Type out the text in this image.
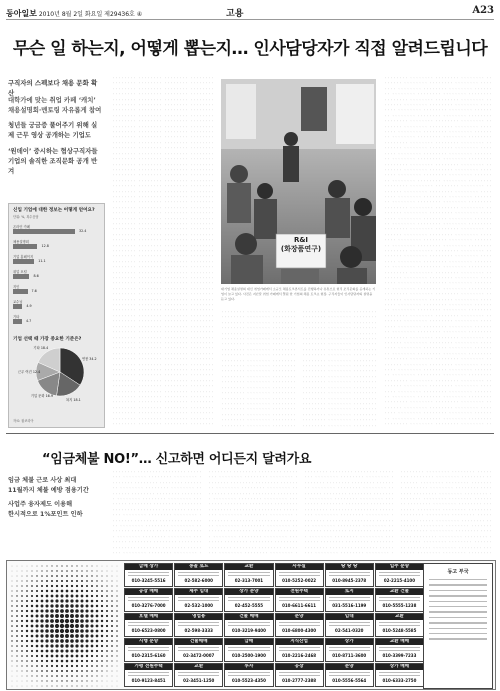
동아일보 2010년 8월 2일 화요일 제29436호 ④	고용	A23
무슨 일 하는지, 어떻게 뽑는지… 인사담당자가 직접 알려드립니다
구직자의 스펙보다 채용 문화 확산
대학가에 맞는 취업 카페 ‘캐치’ 채용설명회·멘토링 자유롭게 참여
청년들 궁금증 풀어주기 위해 실제 근무 영상 공개하는 기업도
‘원데이’ 중시하는 협상구직자들 기업의 솔직한 조직문화 공개 반겨
ㆍㆍㆍㆍㆍㆍㆍㆍ ㆍㆍㆍㆍㆍㆍㆍㆍ ㆍㆍㆍㆍㆍㆍㆍㆍ ㆍㆍㆍㆍㆍㆍㆍㆍ ㆍㆍㆍㆍㆍㆍㆍㆍ ㆍㆍㆍㆍㆍㆍㆍㆍ ㆍㆍㆍㆍㆍㆍㆍㆍ ㆍㆍㆍㆍㆍㆍㆍㆍ ㆍㆍㆍㆍㆍㆍㆍㆍ ㆍㆍㆍㆍㆍㆍㆍㆍ ㆍㆍㆍㆍㆍㆍㆍㆍ ㆍㆍㆍㆍㆍㆍㆍㆍ ㆍㆍㆍㆍㆍㆍㆍㆍ ㆍㆍㆍㆍㆍㆍㆍㆍ ㆍㆍㆍㆍㆍㆍㆍㆍ ㆍㆍㆍㆍㆍㆍㆍㆍ ㆍㆍㆍㆍㆍㆍㆍㆍ ㆍㆍㆍㆍㆍㆍㆍㆍ ㆍㆍㆍㆍㆍㆍㆍㆍ ㆍㆍㆍㆍㆍㆍㆍㆍ ㆍㆍㆍㆍㆍㆍㆍㆍ ㆍㆍㆍㆍㆍㆍㆍㆍ ㆍㆍㆍㆍㆍㆍㆍㆍ ㆍㆍㆍㆍㆍㆍㆍㆍ ㆍㆍㆍㆍㆍㆍㆍㆍ ㆍㆍㆍㆍㆍㆍㆍㆍ ㆍㆍㆍㆍㆍㆍㆍㆍ ㆍㆍㆍㆍㆍㆍㆍㆍ ㆍㆍㆍㆍㆍㆍㆍㆍ ㆍㆍㆍㆍㆍㆍㆍㆍ ㆍㆍㆍㆍㆍㆍㆍㆍ ㆍㆍㆍㆍㆍㆍㆍㆍ ㆍㆍㆍㆍㆍㆍㆍㆍ ㆍㆍㆍㆍㆍㆍㆍㆍ ㆍㆍㆍㆍㆍㆍㆍㆍ ㆍㆍㆍㆍㆍㆍㆍㆍ ㆍㆍㆍㆍㆍㆍㆍㆍ ㆍㆍㆍㆍㆍㆍㆍㆍ ㆍㆍㆍㆍㆍㆍㆍㆍ ㆍㆍㆍㆍㆍㆍㆍㆍ ㆍㆍㆍㆍㆍㆍㆍㆍ ㆍㆍㆍㆍㆍㆍㆍㆍ ㆍㆍㆍㆍㆍㆍㆍㆍ ㆍㆍㆍㆍㆍㆍㆍㆍ ㆍㆍㆍㆍㆍㆍㆍㆍ ㆍㆍㆍㆍㆍㆍㆍㆍ ㆍㆍㆍㆍㆍㆍㆍㆍ ㆍㆍㆍㆍㆍㆍㆍㆍ ㆍㆍㆍㆍㆍㆍㆍㆍ ㆍㆍㆍㆍㆍㆍㆍㆍ ㆍㆍㆍㆍㆍㆍㆍㆍ ㆍㆍㆍㆍㆍㆍㆍㆍ ㆍㆍㆍㆍㆍㆍㆍㆍ ㆍㆍㆍㆍㆍㆍㆍㆍ ㆍㆍㆍㆍㆍㆍㆍㆍ ㆍㆍㆍㆍㆍㆍㆍㆍ ㆍㆍㆍㆍㆍㆍㆍㆍ ㆍㆍㆍㆍㆍㆍㆍㆍ ㆍㆍㆍㆍㆍㆍㆍㆍ ㆍㆍㆍㆍㆍㆍㆍㆍ ㆍㆍㆍㆍㆍㆍㆍㆍ ㆍㆍㆍㆍㆍㆍㆍㆍ ㆍㆍㆍㆍㆍㆍㆍㆍ ㆍㆍㆍㆍㆍㆍㆍㆍ ㆍㆍㆍㆍㆍㆍㆍㆍ ㆍㆍㆍㆍㆍㆍㆍㆍ ㆍㆍㆍㆍㆍㆍㆍㆍ ㆍㆍㆍㆍㆍㆍㆍㆍ ㆍㆍㆍㆍㆍㆍㆍㆍ ㆍㆍㆍㆍㆍㆍㆍㆍ ㆍㆍㆍㆍㆍㆍㆍㆍ ㆍㆍㆍㆍㆍㆍㆍㆍ ㆍㆍㆍㆍㆍㆍㆍㆍ ㆍㆍㆍㆍㆍㆍㆍㆍ ㆍㆍㆍㆍㆍㆍㆍㆍ ㆍㆍㆍㆍㆍㆍㆍㆍ ㆍㆍㆍㆍㆍㆍㆍㆍ ㆍㆍㆍㆍㆍㆍㆍㆍ ㆍㆍㆍㆍㆍㆍㆍㆍ ㆍㆍㆍㆍㆍㆍㆍㆍ ㆍㆍㆍㆍㆍㆍㆍㆍ ㆍㆍㆍㆍㆍㆍㆍㆍ ㆍㆍㆍㆍㆍㆍㆍㆍ ㆍㆍㆍㆍㆍㆍㆍㆍ ㆍㆍㆍㆍㆍㆍㆍㆍ ㆍㆍㆍㆍㆍㆍㆍㆍ ㆍㆍㆍㆍㆍㆍㆍㆍ ㆍㆍㆍㆍㆍㆍㆍㆍ ㆍㆍㆍㆍㆍㆍㆍㆍ ㆍㆍㆍㆍㆍㆍㆍㆍ ㆍㆍㆍㆍㆍㆍㆍㆍ ㆍㆍㆍㆍㆍㆍㆍㆍ ㆍㆍㆍㆍㆍㆍㆍㆍ ㆍㆍㆍㆍㆍㆍㆍㆍ ㆍㆍㆍㆍㆍㆍㆍㆍ ㆍㆍㆍㆍㆍㆍㆍㆍ ㆍㆍㆍㆍㆍㆍㆍㆍ ㆍㆍㆍㆍㆍㆍㆍㆍ ㆍㆍㆍㆍㆍㆍㆍㆍ ㆍㆍㆍㆍㆍㆍㆍㆍ ㆍㆍㆍㆍㆍㆍㆍㆍ ㆍㆍㆍㆍㆍㆍㆍㆍ ㆍㆍㆍㆍㆍㆍㆍㆍ ㆍㆍㆍㆍㆍㆍㆍㆍ ㆍㆍㆍㆍㆍㆍㆍㆍ ㆍㆍㆍㆍㆍㆍㆍㆍ ㆍㆍㆍㆍㆍㆍㆍㆍ ㆍㆍㆍㆍㆍㆍㆍㆍ ㆍㆍㆍㆍㆍㆍㆍㆍ ㆍㆍㆍㆍㆍㆍㆍㆍ ㆍㆍㆍㆍㆍㆍㆍㆍ ㆍㆍㆍㆍㆍㆍㆍㆍ ㆍㆍㆍㆍㆍㆍㆍㆍ ㆍㆍㆍㆍㆍㆍㆍㆍ ㆍㆍㆍㆍㆍㆍㆍㆍ ㆍㆍㆍㆍㆍㆍㆍㆍ ㆍㆍㆍㆍㆍㆍㆍㆍ ㆍㆍㆍㆍㆍㆍㆍㆍ ㆍㆍㆍㆍㆍㆍㆍㆍ ㆍㆍㆍㆍㆍㆍㆍㆍ ㆍㆍㆍㆍㆍㆍㆍㆍ ㆍㆍㆍㆍㆍㆍㆍㆍ ㆍㆍㆍㆍㆍㆍㆍㆍ ㆍㆍㆍㆍㆍㆍㆍㆍ ㆍㆍㆍㆍㆍㆍㆍㆍ ㆍㆍㆍㆍㆍㆍㆍㆍ ㆍㆍㆍㆍㆍㆍㆍㆍ ㆍㆍㆍㆍㆍㆍㆍㆍ ㆍㆍㆍㆍㆍㆍㆍㆍ ㆍㆍㆍㆍㆍㆍㆍㆍ ㆍㆍㆍㆍㆍㆍㆍㆍ ㆍㆍㆍㆍㆍㆍㆍㆍ ㆍㆍㆍㆍㆍㆍㆍㆍ ㆍㆍㆍㆍㆍㆍㆍㆍ ㆍㆍㆍㆍㆍㆍㆍㆍ ㆍㆍㆍㆍㆍㆍㆍㆍ ㆍㆍㆍㆍㆍㆍㆍㆍ ㆍㆍㆍㆍㆍㆍㆍㆍ ㆍㆍㆍㆍㆍㆍㆍㆍ ㆍㆍㆍㆍㆍㆍㆍㆍ ㆍㆍㆍㆍㆍㆍㆍㆍ ㆍㆍㆍㆍㆍㆍㆍㆍ ㆍㆍㆍㆍㆍㆍㆍㆍ ㆍㆍㆍㆍㆍㆍㆍㆍ ㆍㆍㆍㆍㆍㆍㆍㆍ ㆍㆍㆍㆍㆍㆍㆍㆍ ㆍㆍㆍㆍㆍㆍㆍㆍ ㆍㆍㆍㆍㆍㆍㆍㆍ ㆍㆍㆍㆍㆍㆍㆍㆍ ㆍㆍㆍㆍㆍㆍㆍㆍ ㆍㆍㆍㆍㆍㆍㆍㆍ ㆍㆍㆍㆍㆍㆍㆍㆍ ㆍㆍㆍㆍㆍㆍㆍㆍ ㆍㆍㆍㆍㆍㆍㆍㆍ ㆍㆍㆍㆍㆍㆍㆍㆍ ㆍㆍㆍㆍㆍㆍㆍㆍ ㆍㆍㆍㆍㆍㆍㆍㆍ ㆍㆍㆍㆍㆍㆍㆍㆍ ㆍㆍㆍㆍㆍㆍㆍㆍ ㆍㆍㆍㆍㆍㆍㆍㆍ ㆍㆍㆍㆍㆍㆍㆍㆍ ㆍㆍㆍㆍㆍㆍㆍㆍ ㆍㆍㆍㆍㆍㆍㆍㆍ ㆍㆍㆍㆍㆍㆍㆍㆍ ㆍㆍㆍㆍㆍㆍㆍㆍ ㆍㆍㆍㆍㆍㆍㆍㆍ ㆍㆍㆍㆍㆍㆍㆍㆍ ㆍㆍㆍㆍㆍㆍㆍㆍ ㆍㆍㆍㆍㆍㆍㆍㆍ ㆍㆍㆍㆍㆍㆍㆍㆍ ㆍㆍㆍㆍㆍㆍㆍㆍ ㆍㆍㆍㆍㆍㆍㆍㆍ ㆍㆍㆍㆍㆍㆍㆍㆍ ㆍㆍㆍㆍㆍㆍㆍㆍ ㆍㆍㆍㆍㆍㆍㆍㆍ ㆍㆍㆍㆍㆍㆍㆍㆍ ㆍㆍㆍㆍㆍㆍㆍㆍ ㆍㆍㆍㆍㆍㆍㆍㆍ ㆍㆍㆍㆍㆍㆍㆍㆍ ㆍㆍㆍㆍㆍㆍㆍㆍ ㆍㆍㆍㆍㆍㆍㆍㆍ ㆍㆍㆍㆍㆍㆍㆍㆍ ㆍㆍㆍㆍㆍㆍㆍㆍ ㆍㆍㆍㆍㆍㆍㆍㆍ ㆍㆍㆍㆍㆍㆍㆍㆍ ㆍㆍㆍㆍㆍㆍㆍㆍ ㆍㆍㆍㆍㆍㆍㆍㆍ ㆍㆍㆍㆍㆍㆍㆍㆍ ㆍㆍㆍㆍㆍㆍㆍㆍ ㆍㆍㆍㆍㆍㆍㆍㆍ ㆍㆍㆍㆍㆍㆍㆍㆍ ㆍㆍㆍㆍㆍㆍㆍㆍ ㆍㆍㆍㆍㆍㆍㆍㆍ ㆍㆍㆍㆍㆍㆍㆍㆍ ㆍㆍㆍㆍㆍㆍㆍㆍ ㆍㆍㆍㆍㆍㆍㆍㆍ ㆍㆍㆍㆍㆍㆍㆍㆍ ㆍㆍㆍㆍㆍㆍㆍㆍ ㆍㆍㆍㆍㆍㆍㆍㆍ ㆍㆍㆍㆍㆍㆍㆍㆍ ㆍㆍㆍㆍㆍㆍㆍㆍ ㆍㆍㆍㆍㆍㆍㆍㆍ ㆍㆍㆍㆍㆍㆍㆍㆍ ㆍㆍㆍㆍㆍㆍㆍㆍ ㆍㆍㆍㆍㆍㆍㆍㆍ ㆍㆍㆍㆍㆍㆍㆍㆍ ㆍㆍㆍㆍㆍㆍㆍㆍ ㆍㆍㆍㆍㆍㆍㆍㆍ ㆍㆍㆍㆍㆍㆍㆍㆍ ㆍㆍㆍㆍㆍㆍㆍㆍ ㆍㆍㆍㆍㆍㆍㆍㆍ ㆍㆍㆍㆍㆍㆍㆍㆍ ㆍㆍㆍㆍㆍㆍㆍㆍ ㆍㆍㆍㆍㆍㆍㆍㆍ ㆍㆍㆍㆍㆍㆍㆍㆍ ㆍㆍㆍㆍㆍㆍㆍㆍ ㆍㆍㆍㆍㆍㆍㆍㆍ ㆍㆍㆍㆍㆍㆍㆍㆍ ㆍㆍㆍㆍㆍㆍㆍㆍ ㆍㆍㆍㆍㆍㆍㆍㆍ ㆍㆍㆍㆍㆍㆍㆍㆍ ㆍㆍㆍㆍㆍㆍㆍㆍ ㆍㆍㆍㆍㆍㆍㆍㆍ ㆍㆍㆍㆍㆍㆍㆍㆍ ㆍㆍㆍㆍㆍㆍㆍㆍ ㆍㆍㆍㆍㆍㆍㆍㆍ ㆍㆍㆍㆍㆍㆍㆍㆍ ㆍㆍㆍㆍㆍㆍㆍㆍ ㆍㆍㆍㆍㆍㆍㆍㆍ ㆍㆍㆍㆍㆍㆍㆍㆍ ㆍㆍㆍㆍㆍㆍㆍㆍ ㆍㆍㆍㆍㆍㆍㆍㆍ ㆍㆍㆍㆍㆍㆍㆍㆍ ㆍㆍㆍㆍㆍㆍㆍㆍ ㆍㆍㆍㆍㆍㆍㆍㆍ ㆍㆍㆍㆍㆍㆍㆍㆍ ㆍㆍㆍㆍㆍㆍㆍㆍ ㆍㆍㆍㆍㆍㆍㆍㆍ ㆍㆍㆍㆍㆍㆍㆍㆍ ㆍㆍㆍㆍㆍㆍㆍㆍ ㆍㆍㆍㆍㆍㆍㆍㆍ ㆍㆍㆍㆍㆍㆍㆍㆍ ㆍㆍㆍㆍㆍㆍㆍㆍ ㆍㆍㆍㆍㆍㆍㆍㆍ ㆍㆍㆍㆍㆍㆍㆍㆍ ㆍㆍㆍㆍㆍㆍㆍㆍ ㆍㆍㆍㆍㆍㆍㆍㆍ ㆍㆍㆍㆍㆍㆍㆍㆍ ㆍㆍㆍㆍㆍㆍㆍㆍ ㆍㆍㆍㆍㆍㆍㆍㆍ ㆍㆍㆍㆍㆍㆍㆍㆍ ㆍㆍㆍㆍㆍㆍㆍㆍ ㆍㆍㆍㆍㆍㆍㆍㆍ ㆍㆍㆍㆍㆍㆍㆍㆍ ㆍㆍㆍㆍㆍㆍㆍㆍ ㆍㆍㆍㆍㆍㆍㆍㆍ ㆍㆍㆍㆍㆍㆍㆍㆍ ㆍㆍㆍㆍㆍㆍㆍㆍ ㆍㆍㆍㆍㆍㆍㆍㆍ ㆍㆍㆍㆍㆍㆍㆍㆍ
ㆍㆍㆍㆍㆍㆍㆍㆍ ㆍㆍㆍㆍㆍㆍㆍㆍ ㆍㆍㆍㆍㆍㆍㆍㆍ ㆍㆍㆍㆍㆍㆍㆍㆍ ㆍㆍㆍㆍㆍㆍㆍㆍ ㆍㆍㆍㆍㆍㆍㆍㆍ ㆍㆍㆍㆍㆍㆍㆍㆍ ㆍㆍㆍㆍㆍㆍㆍㆍ ㆍㆍㆍㆍㆍㆍㆍㆍ ㆍㆍㆍㆍㆍㆍㆍㆍ ㆍㆍㆍㆍㆍㆍㆍㆍ ㆍㆍㆍㆍㆍㆍㆍㆍ ㆍㆍㆍㆍㆍㆍㆍㆍ ㆍㆍㆍㆍㆍㆍㆍㆍ ㆍㆍㆍㆍㆍㆍㆍㆍ ㆍㆍㆍㆍㆍㆍㆍㆍ ㆍㆍㆍㆍㆍㆍㆍㆍ ㆍㆍㆍㆍㆍㆍㆍㆍ ㆍㆍㆍㆍㆍㆍㆍㆍ ㆍㆍㆍㆍㆍㆍㆍㆍ ㆍㆍㆍㆍㆍㆍㆍㆍ ㆍㆍㆍㆍㆍㆍㆍㆍ ㆍㆍㆍㆍㆍㆍㆍㆍ ㆍㆍㆍㆍㆍㆍㆍㆍ ㆍㆍㆍㆍㆍㆍㆍㆍ ㆍㆍㆍㆍㆍㆍㆍㆍ ㆍㆍㆍㆍㆍㆍㆍㆍ ㆍㆍㆍㆍㆍㆍㆍㆍ ㆍㆍㆍㆍㆍㆍㆍㆍ ㆍㆍㆍㆍㆍㆍㆍㆍ ㆍㆍㆍㆍㆍㆍㆍㆍ ㆍㆍㆍㆍㆍㆍㆍㆍ ㆍㆍㆍㆍㆍㆍㆍㆍ ㆍㆍㆍㆍㆍㆍㆍㆍ ㆍㆍㆍㆍㆍㆍㆍㆍ ㆍㆍㆍㆍㆍㆍㆍㆍ ㆍㆍㆍㆍㆍㆍㆍㆍ ㆍㆍㆍㆍㆍㆍㆍㆍ ㆍㆍㆍㆍㆍㆍㆍㆍ ㆍㆍㆍㆍㆍㆍㆍㆍ ㆍㆍㆍㆍㆍㆍㆍㆍ ㆍㆍㆍㆍㆍㆍㆍㆍ ㆍㆍㆍㆍㆍㆍㆍㆍ ㆍㆍㆍㆍㆍㆍㆍㆍ ㆍㆍㆍㆍㆍㆍㆍㆍ ㆍㆍㆍㆍㆍㆍㆍㆍ ㆍㆍㆍㆍㆍㆍㆍㆍ ㆍㆍㆍㆍㆍㆍㆍㆍ ㆍㆍㆍㆍㆍㆍㆍㆍ ㆍㆍㆍㆍㆍㆍㆍㆍ ㆍㆍㆍㆍㆍㆍㆍㆍ ㆍㆍㆍㆍㆍㆍㆍㆍ ㆍㆍㆍㆍㆍㆍㆍㆍ ㆍㆍㆍㆍㆍㆍㆍㆍ ㆍㆍㆍㆍㆍㆍㆍㆍ ㆍㆍㆍㆍㆍㆍㆍㆍ ㆍㆍㆍㆍㆍㆍㆍㆍ ㆍㆍㆍㆍㆍㆍㆍㆍ ㆍㆍㆍㆍㆍㆍㆍㆍ ㆍㆍㆍㆍㆍㆍㆍㆍ ㆍㆍㆍㆍㆍㆍㆍㆍ ㆍㆍㆍㆍㆍㆍㆍㆍ ㆍㆍㆍㆍㆍㆍㆍㆍ ㆍㆍㆍㆍㆍㆍㆍㆍ ㆍㆍㆍㆍㆍㆍㆍㆍ ㆍㆍㆍㆍㆍㆍㆍㆍ
ㆍㆍㆍㆍㆍㆍㆍㆍ ㆍㆍㆍㆍㆍㆍㆍㆍ ㆍㆍㆍㆍㆍㆍㆍㆍ ㆍㆍㆍㆍㆍㆍㆍㆍ ㆍㆍㆍㆍㆍㆍㆍㆍ ㆍㆍㆍㆍㆍㆍㆍㆍ ㆍㆍㆍㆍㆍㆍㆍㆍ ㆍㆍㆍㆍㆍㆍㆍㆍ ㆍㆍㆍㆍㆍㆍㆍㆍ ㆍㆍㆍㆍㆍㆍㆍㆍ ㆍㆍㆍㆍㆍㆍㆍㆍ ㆍㆍㆍㆍㆍㆍㆍㆍ ㆍㆍㆍㆍㆍㆍㆍㆍ ㆍㆍㆍㆍㆍㆍㆍㆍ ㆍㆍㆍㆍㆍㆍㆍㆍ ㆍㆍㆍㆍㆍㆍㆍㆍ ㆍㆍㆍㆍㆍㆍㆍㆍ ㆍㆍㆍㆍㆍㆍㆍㆍ ㆍㆍㆍㆍㆍㆍㆍㆍ ㆍㆍㆍㆍㆍㆍㆍㆍ ㆍㆍㆍㆍㆍㆍㆍㆍ ㆍㆍㆍㆍㆍㆍㆍㆍ ㆍㆍㆍㆍㆍㆍㆍㆍ ㆍㆍㆍㆍㆍㆍㆍㆍ ㆍㆍㆍㆍㆍㆍㆍㆍ ㆍㆍㆍㆍㆍㆍㆍㆍ ㆍㆍㆍㆍㆍㆍㆍㆍ ㆍㆍㆍㆍㆍㆍㆍㆍ ㆍㆍㆍㆍㆍㆍㆍㆍ ㆍㆍㆍㆍㆍㆍㆍㆍ ㆍㆍㆍㆍㆍㆍㆍㆍ ㆍㆍㆍㆍㆍㆍㆍㆍ ㆍㆍㆍㆍㆍㆍㆍㆍ ㆍㆍㆍㆍㆍㆍㆍㆍ ㆍㆍㆍㆍㆍㆍㆍㆍ ㆍㆍㆍㆍㆍㆍㆍㆍ ㆍㆍㆍㆍㆍㆍㆍㆍ ㆍㆍㆍㆍㆍㆍㆍㆍ ㆍㆍㆍㆍㆍㆍㆍㆍ ㆍㆍㆍㆍㆍㆍㆍㆍ ㆍㆍㆍㆍㆍㆍㆍㆍ ㆍㆍㆍㆍㆍㆍㆍㆍ ㆍㆍㆍㆍㆍㆍㆍㆍ ㆍㆍㆍㆍㆍㆍㆍㆍ ㆍㆍㆍㆍㆍㆍㆍㆍ ㆍㆍㆍㆍㆍㆍㆍㆍ ㆍㆍㆍㆍㆍㆍㆍㆍ ㆍㆍㆍㆍㆍㆍㆍㆍ ㆍㆍㆍㆍㆍㆍㆍㆍ ㆍㆍㆍㆍㆍㆍㆍㆍ ㆍㆍㆍㆍㆍㆍㆍㆍ ㆍㆍㆍㆍㆍㆍㆍㆍ ㆍㆍㆍㆍㆍㆍㆍㆍ ㆍㆍㆍㆍㆍㆍㆍㆍ ㆍㆍㆍㆍㆍㆍㆍㆍ ㆍㆍㆍㆍㆍㆍㆍㆍ ㆍㆍㆍㆍㆍㆍㆍㆍ ㆍㆍㆍㆍㆍㆍㆍㆍ ㆍㆍㆍㆍㆍㆍㆍㆍ ㆍㆍㆍㆍㆍㆍㆍㆍ ㆍㆍㆍㆍㆍㆍㆍㆍ ㆍㆍㆍㆍㆍㆍㆍㆍ ㆍㆍㆍㆍㆍㆍㆍㆍ ㆍㆍㆍㆍㆍㆍㆍㆍ ㆍㆍㆍㆍㆍㆍㆍㆍ ㆍㆍㆍㆍㆍㆍㆍㆍ
ㆍㆍㆍㆍㆍㆍㆍㆍ ㆍㆍㆍㆍㆍㆍㆍㆍ ㆍㆍㆍㆍㆍㆍㆍㆍ ㆍㆍㆍㆍㆍㆍㆍㆍ ㆍㆍㆍㆍㆍㆍㆍㆍ ㆍㆍㆍㆍㆍㆍㆍㆍ ㆍㆍㆍㆍㆍㆍㆍㆍ ㆍㆍㆍㆍㆍㆍㆍㆍ ㆍㆍㆍㆍㆍㆍㆍㆍ ㆍㆍㆍㆍㆍㆍㆍㆍ ㆍㆍㆍㆍㆍㆍㆍㆍ ㆍㆍㆍㆍㆍㆍㆍㆍ ㆍㆍㆍㆍㆍㆍㆍㆍ ㆍㆍㆍㆍㆍㆍㆍㆍ ㆍㆍㆍㆍㆍㆍㆍㆍ ㆍㆍㆍㆍㆍㆍㆍㆍ ㆍㆍㆍㆍㆍㆍㆍㆍ ㆍㆍㆍㆍㆍㆍㆍㆍ ㆍㆍㆍㆍㆍㆍㆍㆍ ㆍㆍㆍㆍㆍㆍㆍㆍ ㆍㆍㆍㆍㆍㆍㆍㆍ ㆍㆍㆍㆍㆍㆍㆍㆍ ㆍㆍㆍㆍㆍㆍㆍㆍ ㆍㆍㆍㆍㆍㆍㆍㆍ ㆍㆍㆍㆍㆍㆍㆍㆍ ㆍㆍㆍㆍㆍㆍㆍㆍ ㆍㆍㆍㆍㆍㆍㆍㆍ ㆍㆍㆍㆍㆍㆍㆍㆍ ㆍㆍㆍㆍㆍㆍㆍㆍ ㆍㆍㆍㆍㆍㆍㆍㆍ ㆍㆍㆍㆍㆍㆍㆍㆍ ㆍㆍㆍㆍㆍㆍㆍㆍ ㆍㆍㆍㆍㆍㆍㆍㆍ ㆍㆍㆍㆍㆍㆍㆍㆍ ㆍㆍㆍㆍㆍㆍㆍㆍ ㆍㆍㆍㆍㆍㆍㆍㆍ ㆍㆍㆍㆍㆍㆍㆍㆍ ㆍㆍㆍㆍㆍㆍㆍㆍ ㆍㆍㆍㆍㆍㆍㆍㆍ ㆍㆍㆍㆍㆍㆍㆍㆍ ㆍㆍㆍㆍㆍㆍㆍㆍ ㆍㆍㆍㆍㆍㆍㆍㆍ ㆍㆍㆍㆍㆍㆍㆍㆍ ㆍㆍㆍㆍㆍㆍㆍㆍ ㆍㆍㆍㆍㆍㆍㆍㆍ ㆍㆍㆍㆍㆍㆍㆍㆍ ㆍㆍㆍㆍㆍㆍㆍㆍ ㆍㆍㆍㆍㆍㆍㆍㆍ ㆍㆍㆍㆍㆍㆍㆍㆍ ㆍㆍㆍㆍㆍㆍㆍㆍ ㆍㆍㆍㆍㆍㆍㆍㆍ ㆍㆍㆍㆍㆍㆍㆍㆍ ㆍㆍㆍㆍㆍㆍㆍㆍ ㆍㆍㆍㆍㆍㆍㆍㆍ ㆍㆍㆍㆍㆍㆍㆍㆍ ㆍㆍㆍㆍㆍㆍㆍㆍ ㆍㆍㆍㆍㆍㆍㆍㆍ ㆍㆍㆍㆍㆍㆍㆍㆍ ㆍㆍㆍㆍㆍㆍㆍㆍ ㆍㆍㆍㆍㆍㆍㆍㆍ ㆍㆍㆍㆍㆍㆍㆍㆍ ㆍㆍㆍㆍㆍㆍㆍㆍ ㆍㆍㆍㆍㆍㆍㆍㆍ ㆍㆍㆍㆍㆍㆍㆍㆍ ㆍㆍㆍㆍㆍㆍㆍㆍ ㆍㆍㆍㆍㆍㆍㆍㆍ ㆍㆍㆍㆍㆍㆍㆍㆍ ㆍㆍㆍㆍㆍㆍㆍㆍ ㆍㆍㆍㆍㆍㆍㆍㆍ ㆍㆍㆍㆍㆍㆍㆍㆍ ㆍㆍㆍㆍㆍㆍㆍㆍ ㆍㆍㆍㆍㆍㆍㆍㆍ ㆍㆍㆍㆍㆍㆍㆍㆍ ㆍㆍㆍㆍㆍㆍㆍㆍ ㆍㆍㆍㆍㆍㆍㆍㆍ ㆍㆍㆍㆍㆍㆍㆍㆍ ㆍㆍㆍㆍㆍㆍㆍㆍ ㆍㆍㆍㆍㆍㆍㆍㆍ ㆍㆍㆍㆍㆍㆍㆍㆍ ㆍㆍㆍㆍㆍㆍㆍㆍ ㆍㆍㆍㆍㆍㆍㆍㆍ ㆍㆍㆍㆍㆍㆍㆍㆍ ㆍㆍㆍㆍㆍㆍㆍㆍ ㆍㆍㆍㆍㆍㆍㆍㆍ ㆍㆍㆍㆍㆍㆍㆍㆍ ㆍㆍㆍㆍㆍㆍㆍㆍ ㆍㆍㆍㆍㆍㆍㆍㆍ ㆍㆍㆍㆍㆍㆍㆍㆍ ㆍㆍㆍㆍㆍㆍㆍㆍ ㆍㆍㆍㆍㆍㆍㆍㆍ ㆍㆍㆍㆍㆍㆍㆍㆍ ㆍㆍㆍㆍㆍㆍㆍㆍ ㆍㆍㆍㆍㆍㆍㆍㆍ ㆍㆍㆍㆍㆍㆍㆍㆍ ㆍㆍㆍㆍㆍㆍㆍㆍ ㆍㆍㆍㆍㆍㆍㆍㆍ ㆍㆍㆍㆍㆍㆍㆍㆍ ㆍㆍㆍㆍㆍㆍㆍㆍ ㆍㆍㆍㆍㆍㆍㆍㆍ ㆍㆍㆍㆍㆍㆍㆍㆍ ㆍㆍㆍㆍㆍㆍㆍㆍ ㆍㆍㆍㆍㆍㆍㆍㆍ ㆍㆍㆍㆍㆍㆍㆍㆍ ㆍㆍㆍㆍㆍㆍㆍㆍ ㆍㆍㆍㆍㆍㆍㆍㆍ ㆍㆍㆍㆍㆍㆍㆍㆍ ㆍㆍㆍㆍㆍㆍㆍㆍ ㆍㆍㆍㆍㆍㆍㆍㆍ ㆍㆍㆍㆍㆍㆍㆍㆍ ㆍㆍㆍㆍㆍㆍㆍㆍ ㆍㆍㆍㆍㆍㆍㆍㆍ ㆍㆍㆍㆍㆍㆍㆍㆍ ㆍㆍㆍㆍㆍㆍㆍㆍ ㆍㆍㆍㆍㆍㆍㆍㆍ ㆍㆍㆍㆍㆍㆍㆍㆍ ㆍㆍㆍㆍㆍㆍㆍㆍ ㆍㆍㆍㆍㆍㆍㆍㆍ ㆍㆍㆍㆍㆍㆍㆍㆍ ㆍㆍㆍㆍㆍㆍㆍㆍ ㆍㆍㆍㆍㆍㆍㆍㆍ ㆍㆍㆍㆍㆍㆍㆍㆍ ㆍㆍㆍㆍㆍㆍㆍㆍ ㆍㆍㆍㆍㆍㆍㆍㆍ ㆍㆍㆍㆍㆍㆍㆍㆍ ㆍㆍㆍㆍㆍㆍㆍㆍ ㆍㆍㆍㆍㆍㆍㆍㆍ ㆍㆍㆍㆍㆍㆍㆍㆍ ㆍㆍㆍㆍㆍㆍㆍㆍ ㆍㆍㆍㆍㆍㆍㆍㆍ ㆍㆍㆍㆍㆍㆍㆍㆍ ㆍㆍㆍㆍㆍㆍㆍㆍ ㆍㆍㆍㆍㆍㆍㆍㆍ ㆍㆍㆍㆍㆍㆍㆍㆍ ㆍㆍㆍㆍㆍㆍㆍㆍ ㆍㆍㆍㆍㆍㆍㆍㆍ ㆍㆍㆍㆍㆍㆍㆍㆍ ㆍㆍㆍㆍㆍㆍㆍㆍ ㆍㆍㆍㆍㆍㆍㆍㆍ ㆍㆍㆍㆍㆍㆍㆍㆍ ㆍㆍㆍㆍㆍㆍㆍㆍ ㆍㆍㆍㆍㆍㆍㆍㆍ ㆍㆍㆍㆍㆍㆍㆍㆍ ㆍㆍㆍㆍㆍㆍㆍㆍ ㆍㆍㆍㆍㆍㆍㆍㆍ ㆍㆍㆍㆍㆍㆍㆍㆍ ㆍㆍㆍㆍㆍㆍㆍㆍ ㆍㆍㆍㆍㆍㆍㆍㆍ ㆍㆍㆍㆍㆍㆍㆍㆍ ㆍㆍㆍㆍㆍㆍㆍㆍ ㆍㆍㆍㆍㆍㆍㆍㆍ ㆍㆍㆍㆍㆍㆍㆍㆍ ㆍㆍㆍㆍㆍㆍㆍㆍ ㆍㆍㆍㆍㆍㆍㆍㆍ ㆍㆍㆍㆍㆍㆍㆍㆍ ㆍㆍㆍㆍㆍㆍㆍㆍ ㆍㆍㆍㆍㆍㆍㆍㆍ ㆍㆍㆍㆍㆍㆍㆍㆍ ㆍㆍㆍㆍㆍㆍㆍㆍ ㆍㆍㆍㆍㆍㆍㆍㆍ ㆍㆍㆍㆍㆍㆍㆍㆍ ㆍㆍㆍㆍㆍㆍㆍㆍ ㆍㆍㆍㆍㆍㆍㆍㆍ ㆍㆍㆍㆍㆍㆍㆍㆍ ㆍㆍㆍㆍㆍㆍㆍㆍ ㆍㆍㆍㆍㆍㆍㆍㆍ ㆍㆍㆍㆍㆍㆍㆍㆍ ㆍㆍㆍㆍㆍㆍㆍㆍ ㆍㆍㆍㆍㆍㆍㆍㆍ ㆍㆍㆍㆍㆍㆍㆍㆍ ㆍㆍㆍㆍㆍㆍㆍㆍ ㆍㆍㆍㆍㆍㆍㆍㆍ ㆍㆍㆍㆍㆍㆍㆍㆍ ㆍㆍㆍㆍㆍㆍㆍㆍ ㆍㆍㆍㆍㆍㆍㆍㆍ ㆍㆍㆍㆍㆍㆍㆍㆍ ㆍㆍㆍㆍㆍㆍㆍㆍ ㆍㆍㆍㆍㆍㆍㆍㆍ ㆍㆍㆍㆍㆍㆍㆍㆍ ㆍㆍㆍㆍㆍㆍㆍㆍ ㆍㆍㆍㆍㆍㆍㆍㆍ ㆍㆍㆍㆍㆍㆍㆍㆍ ㆍㆍㆍㆍㆍㆍㆍㆍ ㆍㆍㆍㆍㆍㆍㆍㆍ ㆍㆍㆍㆍㆍㆍㆍㆍ ㆍㆍㆍㆍㆍㆍㆍㆍ ㆍㆍㆍㆍㆍㆍㆍㆍ ㆍㆍㆍㆍㆍㆍㆍㆍ ㆍㆍㆍㆍㆍㆍㆍㆍ ㆍㆍㆍㆍㆍㆍㆍㆍ ㆍㆍㆍㆍㆍㆍㆍㆍ ㆍㆍㆍㆍㆍㆍㆍㆍ ㆍㆍㆍㆍㆍㆍㆍㆍ ㆍㆍㆍㆍㆍㆍㆍㆍ ㆍㆍㆍㆍㆍㆍㆍㆍ ㆍㆍㆍㆍㆍㆍㆍㆍ ㆍㆍㆍㆍㆍㆍㆍㆍ ㆍㆍㆍㆍㆍㆍㆍㆍ ㆍㆍㆍㆍㆍㆍㆍㆍ ㆍㆍㆍㆍㆍㆍㆍㆍ ㆍㆍㆍㆍㆍㆍㆍㆍ ㆍㆍㆍㆍㆍㆍㆍㆍ ㆍㆍㆍㆍㆍㆍㆍㆍ ㆍㆍㆍㆍㆍㆍㆍㆍ ㆍㆍㆍㆍㆍㆍㆍㆍ ㆍㆍㆍㆍㆍㆍㆍㆍ ㆍㆍㆍㆍㆍㆍㆍㆍ ㆍㆍㆍㆍㆍㆍㆍㆍ ㆍㆍㆍㆍㆍㆍㆍㆍ ㆍㆍㆍㆍㆍㆍㆍㆍ ㆍㆍㆍㆍㆍㆍㆍㆍ ㆍㆍㆍㆍㆍㆍㆍㆍ ㆍㆍㆍㆍㆍㆍㆍㆍ ㆍㆍㆍㆍㆍㆍㆍㆍ ㆍㆍㆍㆍㆍㆍㆍㆍ ㆍㆍㆍㆍㆍㆍㆍㆍ ㆍㆍㆍㆍㆍㆍㆍㆍ ㆍㆍㆍㆍㆍㆍㆍㆍ ㆍㆍㆍㆍㆍㆍㆍㆍ ㆍㆍㆍㆍㆍㆍㆍㆍ ㆍㆍㆍㆍㆍㆍㆍㆍ ㆍㆍㆍㆍㆍㆍㆍㆍ ㆍㆍㆍㆍㆍㆍㆍㆍ ㆍㆍㆍㆍㆍㆍㆍㆍ ㆍㆍㆍㆍㆍㆍㆍㆍ ㆍㆍㆍㆍㆍㆍㆍㆍ ㆍㆍㆍㆍㆍㆍㆍㆍ ㆍㆍㆍㆍㆍㆍㆍㆍ ㆍㆍㆍㆍㆍㆍㆍㆍ ㆍㆍㆍㆍㆍㆍㆍㆍ ㆍㆍㆍㆍㆍㆍㆍㆍ ㆍㆍㆍㆍㆍㆍㆍㆍ ㆍㆍㆍㆍㆍㆍㆍㆍ ㆍㆍㆍㆍㆍㆍㆍㆍ ㆍㆍㆍㆍㆍㆍㆍㆍ ㆍㆍㆍㆍㆍㆍㆍㆍ ㆍㆍㆍㆍㆍㆍㆍㆍ ㆍㆍㆍㆍㆍㆍㆍㆍ ㆍㆍㆍㆍㆍㆍㆍㆍ ㆍㆍㆍㆍㆍㆍㆍㆍ ㆍㆍㆍㆍㆍㆍㆍㆍ ㆍㆍㆍㆍㆍㆍㆍㆍ ㆍㆍㆍㆍㆍㆍㆍㆍ ㆍㆍㆍㆍㆍㆍㆍㆍ ㆍㆍㆍㆍㆍㆍㆍㆍ ㆍㆍㆍㆍㆍㆍㆍㆍ ㆍㆍㆍㆍㆍㆍㆍㆍ ㆍㆍㆍㆍㆍㆍㆍㆍ ㆍㆍㆍㆍㆍㆍㆍㆍ ㆍㆍㆍㆍㆍㆍㆍㆍ ㆍㆍㆍㆍㆍㆍㆍㆍ ㆍㆍㆍㆍㆍㆍㆍㆍ ㆍㆍㆍㆍㆍㆍㆍㆍ ㆍㆍㆍㆍㆍㆍㆍㆍ ㆍㆍㆍㆍㆍㆍㆍㆍ ㆍㆍㆍㆍㆍㆍㆍㆍ ㆍㆍㆍㆍㆍㆍㆍㆍ ㆍㆍㆍㆍㆍㆍㆍㆍ ㆍㆍㆍㆍㆍㆍㆍㆍ ㆍㆍㆍㆍㆍㆍㆍㆍ ㆍㆍㆍㆍㆍㆍㆍㆍ ㆍㆍㆍㆍㆍㆍㆍㆍ ㆍㆍㆍㆍㆍㆍㆍㆍ ㆍㆍㆍㆍㆍㆍㆍㆍ ㆍㆍㆍㆍㆍㆍㆍㆍ ㆍㆍㆍㆍㆍㆍㆍㆍ ㆍㆍㆍㆍㆍㆍㆍㆍ ㆍㆍㆍㆍㆍㆍㆍㆍ ㆍㆍㆍㆍㆍㆍㆍㆍ ㆍㆍㆍㆍㆍㆍㆍㆍ ㆍㆍㆍㆍㆍㆍㆍㆍ ㆍㆍㆍㆍㆍㆍㆍㆍ ㆍㆍㆍㆍㆍㆍㆍㆍ ㆍㆍㆍㆍㆍㆍㆍㆍ ㆍㆍㆍㆍㆍㆍㆍㆍ ㆍㆍㆍㆍㆍㆍㆍㆍ ㆍㆍㆍㆍㆍㆍㆍㆍ ㆍㆍ
R&I
(화장품연구)
대기업 채용설명회 대신 취업카페에서 소규모 채용토크콘서트를 진행하거나 유튜브로 현직 조직문화를 공개하는 기업이 늘고 있다. 사진은 지난달 취업 카페에서 열린 한 기업의 채용 토크쇼 현장. 구직자들이 인사담당자의 설명을 듣고 있다.
신입 기업에 대한 정보는 어떻게 얻어요?
단위: %, 복수응답
온라인 카페
32.4
채용설명회
12.8
기업 홈페이지
11.1
취업 포털
8.6
지인
7.6
교수님
4.9
기타
4.7
기업 선택 때 가장 중요한 기준은?
연봉 34.2
복지 18.1
기업 문화 16.9
근무 여건 12.4
기타 18.4
자료: 잡코리아
“임금체불 NO!”… 신고하면 어디든지 달려가요
임금 체불 근로 사상 최대
11월까지 체불 예방 점용기간
사업주 융자제도 이용해
한시적으로 1%포인트 인하
ㆍㆍㆍㆍㆍㆍㆍㆍ ㆍㆍㆍㆍㆍㆍㆍㆍ ㆍㆍㆍㆍㆍㆍㆍㆍ ㆍㆍㆍㆍㆍㆍㆍㆍ ㆍㆍㆍㆍㆍㆍㆍㆍ ㆍㆍㆍㆍㆍㆍㆍㆍ ㆍㆍㆍㆍㆍㆍㆍㆍ ㆍㆍㆍㆍㆍㆍㆍㆍ ㆍㆍㆍㆍㆍㆍㆍㆍ ㆍㆍㆍㆍㆍㆍㆍㆍ ㆍㆍㆍㆍㆍㆍㆍㆍ ㆍㆍㆍㆍㆍㆍㆍㆍ ㆍㆍㆍㆍㆍㆍㆍㆍ ㆍㆍㆍㆍㆍㆍㆍㆍ ㆍㆍㆍㆍㆍㆍㆍㆍ ㆍㆍㆍㆍㆍㆍㆍㆍ ㆍㆍㆍㆍㆍㆍㆍㆍ ㆍㆍㆍㆍㆍㆍㆍㆍ ㆍㆍㆍㆍㆍㆍㆍㆍ ㆍㆍㆍㆍㆍㆍㆍㆍ ㆍㆍㆍㆍㆍㆍㆍㆍ ㆍㆍㆍㆍㆍㆍㆍㆍ ㆍㆍㆍㆍㆍㆍㆍㆍ ㆍㆍㆍㆍㆍㆍㆍㆍ ㆍㆍㆍㆍㆍㆍㆍㆍ ㆍㆍㆍㆍㆍㆍㆍㆍ ㆍㆍㆍㆍㆍㆍㆍㆍ ㆍㆍㆍㆍㆍㆍㆍㆍ ㆍㆍㆍㆍㆍㆍㆍㆍ ㆍㆍㆍㆍㆍㆍㆍㆍ ㆍㆍㆍㆍㆍㆍㆍㆍ ㆍㆍㆍㆍㆍㆍㆍㆍ ㆍㆍㆍㆍㆍㆍㆍㆍ ㆍㆍㆍㆍㆍㆍㆍㆍ ㆍㆍㆍㆍㆍㆍㆍㆍ ㆍㆍㆍㆍㆍㆍㆍㆍ ㆍㆍㆍㆍㆍㆍㆍㆍ ㆍㆍㆍㆍㆍㆍㆍㆍ ㆍㆍㆍㆍㆍㆍㆍㆍ ㆍㆍㆍㆍㆍㆍㆍㆍ ㆍㆍㆍㆍㆍㆍㆍㆍ ㆍㆍㆍㆍㆍㆍㆍㆍ ㆍㆍㆍㆍㆍㆍㆍㆍ ㆍㆍㆍㆍㆍㆍㆍㆍ ㆍㆍㆍㆍㆍㆍㆍㆍ ㆍㆍㆍㆍㆍㆍㆍㆍ ㆍㆍㆍㆍㆍㆍㆍㆍ ㆍㆍㆍㆍㆍㆍㆍㆍ ㆍㆍㆍㆍㆍㆍㆍㆍ ㆍㆍㆍㆍㆍㆍㆍㆍ ㆍㆍㆍㆍㆍㆍㆍㆍ ㆍㆍㆍㆍㆍㆍㆍㆍ ㆍㆍㆍㆍㆍㆍㆍㆍ ㆍㆍㆍㆍㆍㆍㆍㆍ ㆍㆍㆍㆍㆍㆍㆍㆍ ㆍㆍㆍㆍㆍㆍㆍㆍ ㆍㆍㆍㆍㆍㆍㆍㆍ ㆍ
ㆍㆍㆍㆍㆍㆍㆍㆍ ㆍㆍㆍㆍㆍㆍㆍㆍ ㆍㆍㆍㆍㆍㆍㆍㆍ ㆍㆍㆍㆍㆍㆍㆍㆍ ㆍㆍㆍㆍㆍㆍㆍㆍ ㆍㆍㆍㆍㆍㆍㆍㆍ ㆍㆍㆍㆍㆍㆍㆍㆍ ㆍㆍㆍㆍㆍㆍㆍㆍ ㆍㆍㆍㆍㆍㆍㆍㆍ ㆍㆍㆍㆍㆍㆍㆍㆍ ㆍㆍㆍㆍㆍㆍㆍㆍ ㆍㆍㆍㆍㆍㆍㆍㆍ ㆍㆍㆍㆍㆍㆍㆍㆍ ㆍㆍㆍㆍㆍㆍㆍㆍ ㆍㆍㆍㆍㆍㆍㆍㆍ ㆍㆍㆍㆍㆍㆍㆍㆍ ㆍㆍㆍㆍㆍㆍㆍㆍ ㆍㆍㆍㆍㆍㆍㆍㆍ ㆍㆍㆍㆍㆍㆍㆍㆍ ㆍㆍㆍㆍㆍㆍㆍㆍ ㆍㆍㆍㆍㆍㆍㆍㆍ ㆍㆍㆍㆍㆍㆍㆍㆍ ㆍㆍㆍㆍㆍㆍㆍㆍ ㆍㆍㆍㆍㆍㆍㆍㆍ ㆍㆍㆍㆍㆍㆍㆍㆍ ㆍㆍㆍㆍㆍㆍㆍㆍ ㆍㆍㆍㆍㆍㆍㆍㆍ ㆍㆍㆍㆍㆍㆍㆍㆍ ㆍㆍㆍㆍㆍㆍㆍㆍ ㆍㆍㆍㆍㆍㆍㆍㆍ ㆍㆍㆍㆍㆍㆍㆍㆍ ㆍㆍㆍㆍㆍㆍㆍㆍ ㆍㆍㆍㆍㆍㆍㆍㆍ ㆍㆍㆍㆍㆍㆍㆍㆍ ㆍㆍㆍㆍㆍㆍㆍㆍ ㆍㆍㆍㆍㆍㆍㆍㆍ ㆍㆍㆍㆍㆍㆍㆍㆍ ㆍㆍㆍㆍㆍㆍㆍㆍ ㆍㆍㆍㆍㆍㆍㆍㆍ ㆍㆍㆍㆍㆍㆍㆍㆍ ㆍㆍㆍㆍㆍㆍㆍㆍ ㆍㆍㆍㆍㆍㆍㆍㆍ ㆍㆍㆍㆍㆍㆍㆍㆍ ㆍㆍㆍㆍㆍㆍㆍㆍ ㆍㆍㆍㆍㆍㆍㆍㆍ ㆍㆍㆍㆍㆍㆍㆍㆍ ㆍㆍㆍㆍㆍㆍㆍㆍ ㆍㆍㆍㆍㆍㆍㆍㆍ ㆍㆍㆍㆍㆍㆍㆍㆍ ㆍㆍㆍㆍㆍㆍㆍㆍ ㆍㆍㆍㆍㆍㆍㆍㆍ ㆍㆍㆍㆍㆍㆍㆍㆍ ㆍㆍㆍㆍㆍㆍㆍㆍ ㆍㆍㆍㆍㆍㆍㆍㆍ ㆍㆍㆍㆍㆍㆍㆍㆍ ㆍㆍㆍㆍㆍㆍㆍㆍ ㆍㆍㆍㆍㆍㆍㆍㆍ ㆍ
ㆍㆍㆍㆍㆍㆍㆍㆍ ㆍㆍㆍㆍㆍㆍㆍㆍ ㆍㆍㆍㆍㆍㆍㆍㆍ ㆍㆍㆍㆍㆍㆍㆍㆍ ㆍㆍㆍㆍㆍㆍㆍㆍ ㆍㆍㆍㆍㆍㆍㆍㆍ ㆍㆍㆍㆍㆍㆍㆍㆍ ㆍㆍㆍㆍㆍㆍㆍㆍ ㆍㆍㆍㆍㆍㆍㆍㆍ ㆍㆍㆍㆍㆍㆍㆍㆍ ㆍㆍㆍㆍㆍㆍㆍㆍ ㆍㆍㆍㆍㆍㆍㆍㆍ ㆍㆍㆍㆍㆍㆍㆍㆍ ㆍㆍㆍㆍㆍㆍㆍㆍ ㆍㆍㆍㆍㆍㆍㆍㆍ ㆍㆍㆍㆍㆍㆍㆍㆍ ㆍㆍㆍㆍㆍㆍㆍㆍ ㆍㆍㆍㆍㆍㆍㆍㆍ ㆍㆍㆍㆍㆍㆍㆍㆍ ㆍㆍㆍㆍㆍㆍㆍㆍ ㆍㆍㆍㆍㆍㆍㆍㆍ ㆍㆍㆍㆍㆍㆍㆍㆍ ㆍㆍㆍㆍㆍㆍㆍㆍ ㆍㆍㆍㆍㆍㆍㆍㆍ ㆍㆍㆍㆍㆍㆍㆍㆍ ㆍㆍㆍㆍㆍㆍㆍㆍ ㆍㆍㆍㆍㆍㆍㆍㆍ ㆍㆍㆍㆍㆍㆍㆍㆍ ㆍㆍㆍㆍㆍㆍㆍㆍ ㆍㆍㆍㆍㆍㆍㆍㆍ ㆍㆍㆍㆍㆍㆍㆍㆍ ㆍㆍㆍㆍㆍㆍㆍㆍ ㆍㆍㆍㆍㆍㆍㆍㆍ ㆍㆍㆍㆍㆍㆍㆍㆍ ㆍㆍㆍㆍㆍㆍㆍㆍ ㆍㆍㆍㆍㆍㆍㆍㆍ ㆍㆍㆍㆍㆍㆍㆍㆍ ㆍㆍㆍㆍㆍㆍㆍㆍ ㆍㆍㆍㆍㆍㆍㆍㆍ ㆍㆍㆍㆍㆍㆍㆍㆍ ㆍㆍㆍㆍㆍㆍㆍㆍ ㆍㆍㆍㆍㆍㆍㆍㆍ ㆍㆍㆍㆍㆍㆍㆍㆍ ㆍㆍㆍㆍㆍㆍㆍㆍ ㆍㆍㆍㆍㆍㆍㆍㆍ ㆍㆍㆍㆍㆍㆍㆍㆍ ㆍㆍㆍㆍㆍㆍㆍㆍ ㆍㆍㆍㆍㆍㆍㆍㆍ ㆍㆍㆍㆍㆍㆍㆍㆍ ㆍㆍㆍㆍㆍㆍㆍㆍ ㆍㆍㆍㆍㆍㆍㆍㆍ ㆍㆍㆍㆍㆍㆍㆍㆍ ㆍㆍㆍㆍㆍㆍㆍㆍ ㆍㆍㆍㆍㆍㆍㆍㆍ ㆍㆍㆍㆍㆍㆍㆍㆍ ㆍㆍㆍㆍㆍㆍㆍㆍ ㆍㆍㆍㆍㆍㆍㆍㆍ ㆍ
ㆍㆍㆍㆍㆍㆍㆍㆍ ㆍㆍㆍㆍㆍㆍㆍㆍ ㆍㆍㆍㆍㆍㆍㆍㆍ ㆍㆍㆍㆍㆍㆍㆍㆍ ㆍㆍㆍㆍㆍㆍㆍㆍ ㆍㆍㆍㆍㆍㆍㆍㆍ ㆍㆍㆍㆍㆍㆍㆍㆍ ㆍㆍㆍㆍㆍㆍㆍㆍ ㆍㆍㆍㆍㆍㆍㆍㆍ ㆍㆍㆍㆍㆍㆍㆍㆍ ㆍㆍㆍㆍㆍㆍㆍㆍ ㆍㆍㆍㆍㆍㆍㆍㆍ ㆍㆍㆍㆍㆍㆍㆍㆍ ㆍㆍㆍㆍㆍㆍㆍㆍ ㆍㆍㆍㆍㆍㆍㆍㆍ ㆍㆍㆍㆍㆍㆍㆍㆍ ㆍㆍㆍㆍㆍㆍㆍㆍ ㆍㆍㆍㆍㆍㆍㆍㆍ ㆍㆍㆍㆍㆍㆍㆍㆍ ㆍㆍㆍㆍㆍㆍㆍㆍ ㆍㆍㆍㆍㆍㆍㆍㆍ ㆍㆍㆍㆍㆍㆍㆍㆍ ㆍㆍㆍㆍㆍㆍㆍㆍ ㆍㆍㆍㆍㆍㆍㆍㆍ ㆍㆍㆍㆍㆍㆍㆍㆍ ㆍㆍㆍㆍㆍㆍㆍㆍ ㆍㆍㆍㆍㆍㆍㆍㆍ ㆍㆍㆍㆍㆍㆍㆍㆍ ㆍㆍㆍㆍㆍㆍㆍㆍ ㆍㆍㆍㆍㆍㆍㆍㆍ ㆍㆍㆍㆍㆍㆍㆍㆍ ㆍㆍㆍㆍㆍㆍㆍㆍ ㆍㆍㆍㆍㆍㆍㆍㆍ ㆍㆍㆍㆍㆍㆍㆍㆍ ㆍㆍㆍㆍㆍㆍㆍㆍ ㆍㆍㆍㆍㆍㆍㆍㆍ ㆍㆍㆍㆍㆍㆍㆍㆍ ㆍㆍㆍㆍㆍㆍㆍㆍ ㆍㆍㆍㆍㆍㆍㆍㆍ ㆍㆍㆍㆍㆍㆍㆍㆍ ㆍㆍㆍㆍㆍㆍㆍㆍ ㆍㆍㆍㆍㆍㆍㆍㆍ ㆍㆍㆍㆍㆍㆍㆍㆍ ㆍㆍㆍㆍㆍㆍㆍㆍ ㆍㆍㆍㆍㆍㆍㆍㆍ ㆍㆍㆍㆍㆍㆍㆍㆍ ㆍㆍㆍㆍㆍㆍㆍㆍ ㆍㆍㆍㆍㆍㆍㆍㆍ ㆍㆍㆍㆍㆍㆍㆍㆍ ㆍㆍㆍㆍㆍㆍㆍㆍ ㆍㆍㆍㆍㆍㆍㆍㆍ ㆍㆍㆍㆍㆍㆍㆍㆍ ㆍㆍㆍㆍㆍㆍㆍㆍ ㆍㆍㆍㆍㆍㆍㆍㆍ ㆍㆍㆍㆍㆍㆍㆍㆍ ㆍㆍㆍㆍㆍㆍㆍㆍ ㆍㆍㆍㆍㆍㆍㆍㆍ ㆍㆍㆍㆍㆍㆍㆍㆍ
급매 상가
010-3245-5516
몽골 로드
02-582-6000
교환
02-313-7001
사무실
010-5252-0022
땅 땅 땅
010-8945-2378
입주 분양
02-2215-4100
공장 매매
010-3276-7000
제주 임대
02-532-1000
상가 분양
02-452-5555
전원주택
010-6611-6611
토지
031-5516-1199
교환 건물
010-5555-1238
호텔 매매
010-6523-0800
영업용
02-598-3333
건물 매매
010-3219-9400
분양
010-6800-4300
임대
02-541-0320
교환
010-5248-5585
시행 분양
010-2315-6160
건물매매
02-3472-0007
급매
010-2500-1900
지식산업
010-2216-2468
상가
010-8711-3600
교환 매매
010-3399-7233
가평 전원주택
010-9123-8451
교환
02-3451-1250
투자
010-5523-4350
공장
010-2777-2388
분양
010-5556-5564
상가 매매
010-6333-2750
동고 부국
